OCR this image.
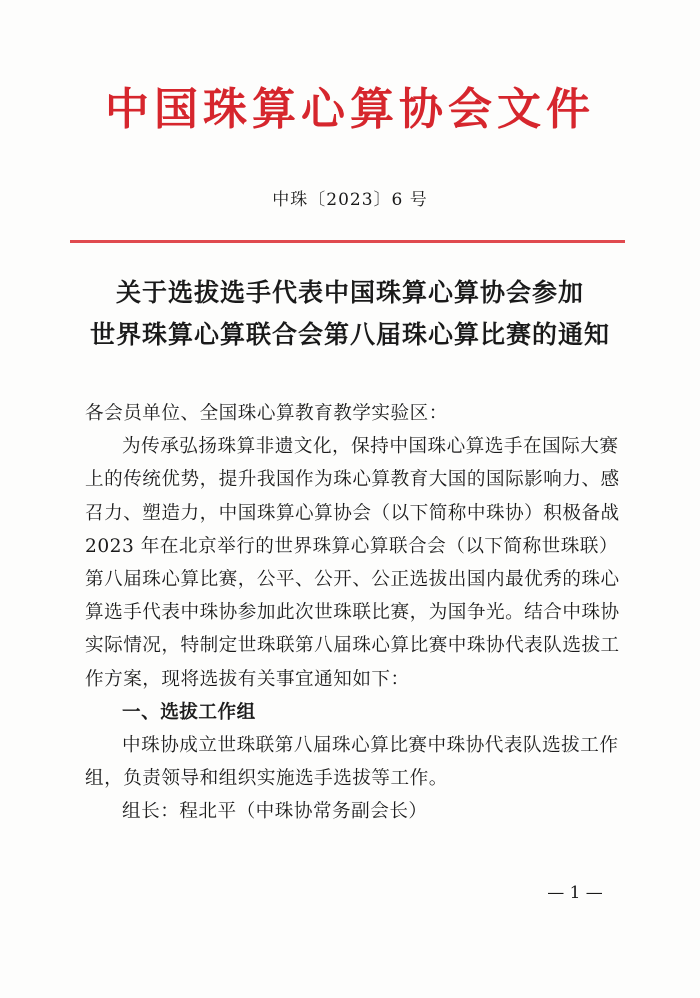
中国珠算心算协会文件
中珠〔2023〕6 号
关于选拔选手代表中国珠算心算协会参加
世界珠算心算联合会第八届珠心算比赛的通知

各会员单位、全国珠心算教育教学实验区：

为传承弘扬珠算非遗文化，保持中国珠心算选手在国际大赛上的传统优势，提升我国作为珠心算教育大国的国际影响力、感召力、塑造力，中国珠算心算协会（以下简称中珠协）积极备战2023 年在北京举行的世界珠算心算联合会（以下简称世珠联）第八届珠心算比赛，公平、公开、公正选拔出国内最优秀的珠心算选手代表中珠协参加此次世珠联比赛，为国争光。结合中珠协实际情况，特制定世珠联第八届珠心算比赛中珠协代表队选拔工作方案，现将选拔有关事宜通知如下：

一、选拔工作组

中珠协成立世珠联第八届珠心算比赛中珠协代表队选拔工作组，负责领导和组织实施选手选拔等工作。

组长：程北平（中珠协常务副会长）

— 1 —
